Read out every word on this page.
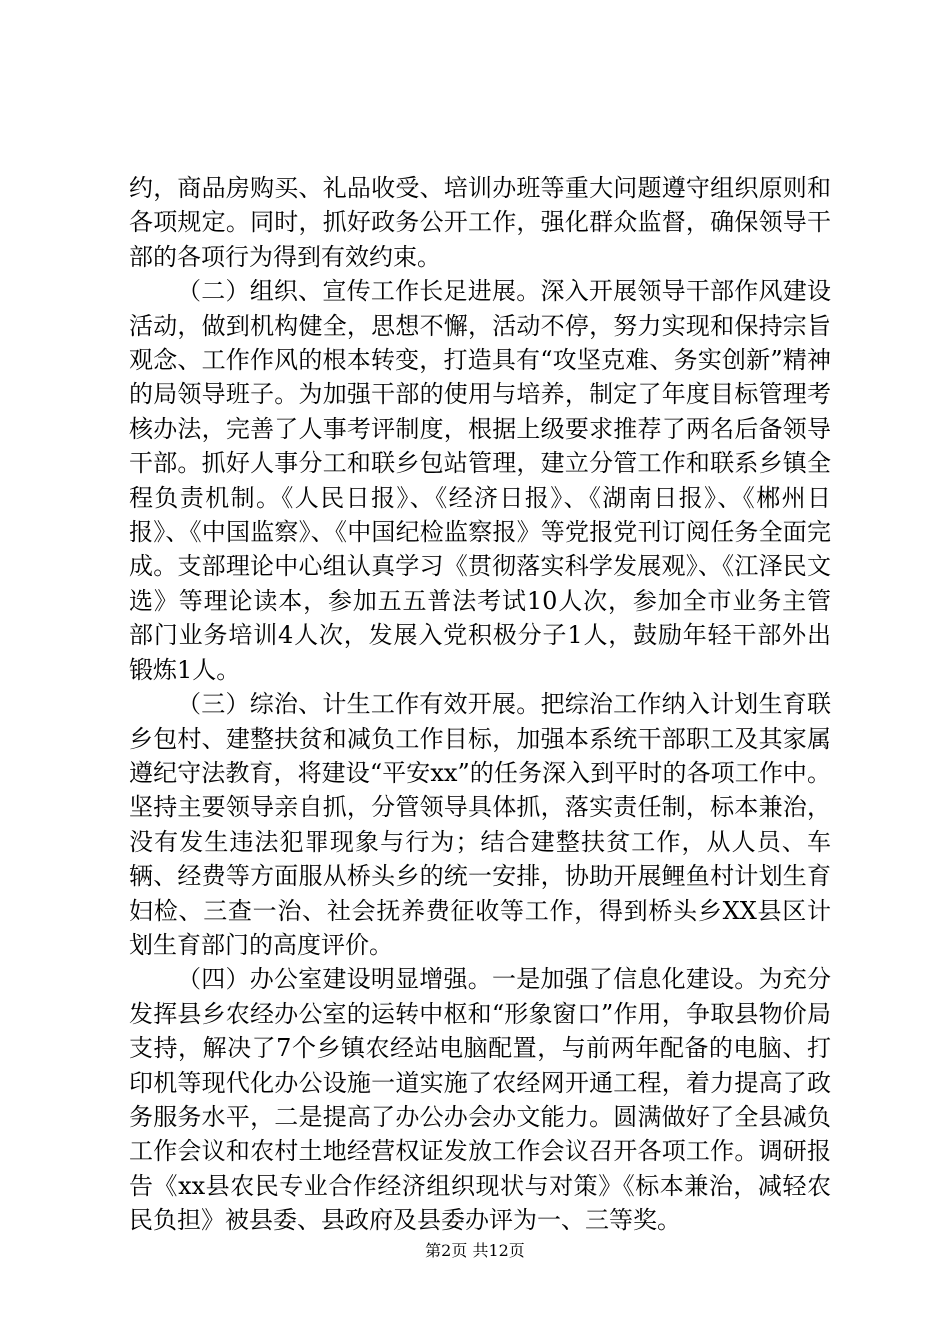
约，商品房购买、礼品收受、培训办班等重大问题遵守组织原则和各项规定。同时，抓好政务公开工作，强化群众监督，确保领导干部的各项行为得到有效约束。

（二）组织、宣传工作长足进展。深入开展领导干部作风建设活动，做到机构健全，思想不懈，活动不停，努力实现和保持宗旨观念、工作作风的根本转变，打造具有“攻坚克难、务实创新”精神的局领导班子。为加强干部的使用与培养，制定了年度目标管理考核办法，完善了人事考评制度，根据上级要求推荐了两名后备领导干部。抓好人事分工和联乡包站管理，建立分管工作和联系乡镇全程负责机制。《人民日报》、《经济日报》、《湖南日报》、《郴州日报》、《中国监察》、《中国纪检监察报》等党报党刊订阅任务全面完成。支部理论中心组认真学习《贯彻落实科学发展观》、《江泽民文选》等理论读本，参加五五普法考试10人次，参加全市业务主管部门业务培训4人次，发展入党积极分子1人，鼓励年轻干部外出锻炼1人。

（三）综治、计生工作有效开展。把综治工作纳入计划生育联乡包村、建整扶贫和减负工作目标，加强本系统干部职工及其家属遵纪守法教育，将建设“平安xx”的任务深入到平时的各项工作中。坚持主要领导亲自抓，分管领导具体抓，落实责任制，标本兼治，没有发生违法犯罪现象与行为；结合建整扶贫工作，从人员、车辆、经费等方面服从桥头乡的统一安排，协助开展鲤鱼村计划生育妇检、三查一治、社会抚养费征收等工作，得到桥头乡XX县区计划生育部门的高度评价。

（四）办公室建设明显增强。一是加强了信息化建设。为充分发挥县乡农经办公室的运转中枢和“形象窗口”作用，争取县物价局支持，解决了7个乡镇农经站电脑配置，与前两年配备的电脑、打印机等现代化办公设施一道实施了农经网开通工程，着力提高了政务服务水平，二是提高了办公办会办文能力。圆满做好了全县减负工作会议和农村土地经营权证发放工作会议召开各项工作。调研报告《xx县农民专业合作经济组织现状与对策》《标本兼治，减轻农民负担》被县委、县政府及县委办评为一、三等奖。

第2页 共12页
